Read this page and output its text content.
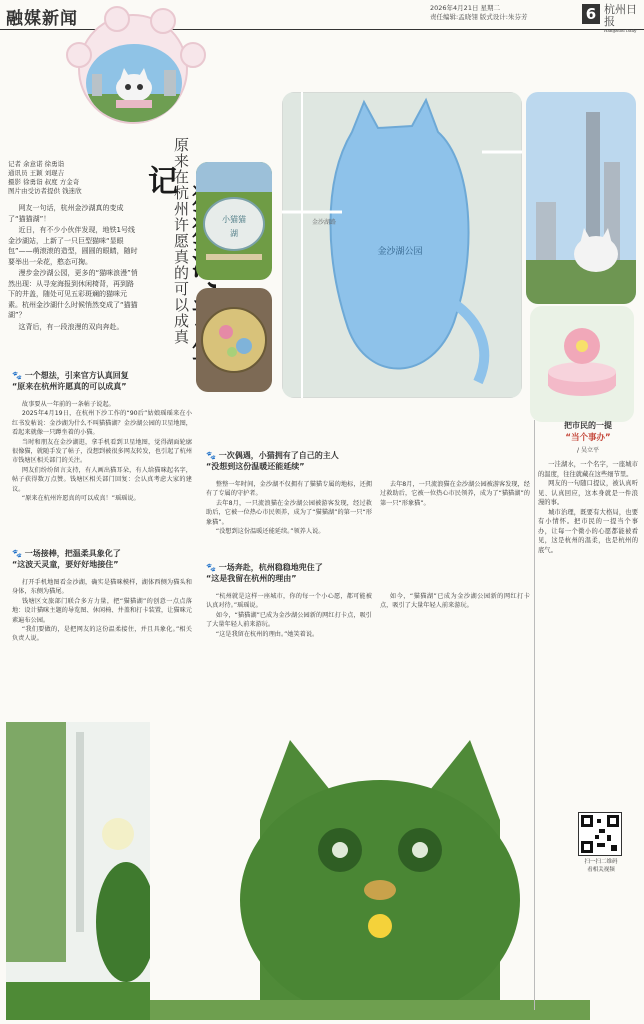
融媒新闻
2026年4月21日 星期二
责任编辑:孟晓翎 版式设计:朱芬芳	6 杭州日报
Hangzhou Daily
记者 余意诺 徐勇诣
通讯员 王颖 刘琨吉
摄影 徐勇诣 叔度 方金奇
图片由受访者提供 钱迷欣

网友一句话，杭州金沙湖真的变成了“猫猫湖”！

近日，有不少小伙伴发现，地铁1号线金沙湖站，上新了一只巨型猫咪“显眼包”——萌滚滚的造型，圆圆的眼睛，随时要举出一朵花，憨态可掬。

漫步金沙湖公园，更多的“猫咪浪漫”悄然出现：从寻宠海报到休闲椅背，再到路下的井盖，随处可见五彩斑斓的猫咪元素。杭州金沙湖什么时候悄然变成了“猫猫湖”？

这背后，有一段浪漫的双向奔赴。	原来在杭州许愿真的可以成真
记
小猫猫
湖
金沙湖公园
金沙湖路
🐾 一个想法，引来官方认真回复
“原来在杭州许愿真的可以成真”

故事要从一年前的一条帖子说起。

2025年4月19日，在杭州下沙工作的“90后”姑娘瑶瑶来在小红书发帖说：金沙湖为什么不叫猫猫湖？金沙湖公园的卫星地图，看起来就像一只蹲坐着的小猫。

当时和朋友在金沙湖逛，拿手机看到卫星地图，觉得湖面轮廓很像猫，就随手发了帖子，没想到被很多网友转发，也引起了杭州市钱塘区相关部门的关注。

网友们纷纷留言支持，有人画出猫耳朵，有人给猫咪起名字，帖子获得数万点赞。钱塘区相关部门回复：会认真考虑大家的建议。

“原来在杭州许愿真的可以成真！”瑶瑶说。

🐾 一场接棒，把温柔具象化了
“这波天灵童，要好好地接住”

打开手机地图看金沙湖，确实是猫咪模样，湖体西侧为猫头和身体，东侧为猫尾。

钱塘区文旅部门联合多方力量，把“猫猫湖”的创意一点点落地：设计猫咪主题的导览图、休闲椅、井盖和打卡装置，让猫咪元素遍布公园。

“我们要做的，是把网友的这份温柔接住，并且具象化。”相关负责人说。

🐾 一次偶遇，小猫拥有了自己的主人
“没想到这份温暖还能延续”

整整一年时间，金沙湖不仅拥有了猫猫专属的地标，还拥有了专属的守护者。

去年8月，一只流浪猫在金沙湖公园被游客发现，经过救助后，它被一位热心市民领养，成为了“猫猫湖”的第一只“形象猫”。

“没想到这份温暖还能延续。”领养人说。

🐾 一场奔赴，杭州稳稳地兜住了
“这是我留在杭州的理由”

“杭州就是这样一座城市，你的每一个小心愿，都可能被认真对待。”瑶瑶说。

如今，“猫猫湖”已成为金沙湖公园新的网红打卡点，吸引了大量年轻人前来游玩。

“这是我留在杭州的理由。”她笑着说。

去年8月，一只流浪猫在金沙湖公园被游客发现，经过救助后，它被一位热心市民领养，成为了“猫猫湖”的第一只“形象猫”。

如今，“猫猫湖”已成为金沙湖公园新的网红打卡点，吸引了大量年轻人前来游玩。

把市民的一提
“当个事办”
/ 吴立平

一洼湖水，一个名字，一座城市的温度，往往就藏在这些细节里。

网友的一句随口提议，被认真听见、认真回应，这本身就是一件浪漫的事。

城市治理，既要有大格局，也要有小情怀。把市民的一提当个事办，让每一个微小的心愿都能被看见，这是杭州的温柔，也是杭州的底气。

扫一扫二维码
看相关视频
